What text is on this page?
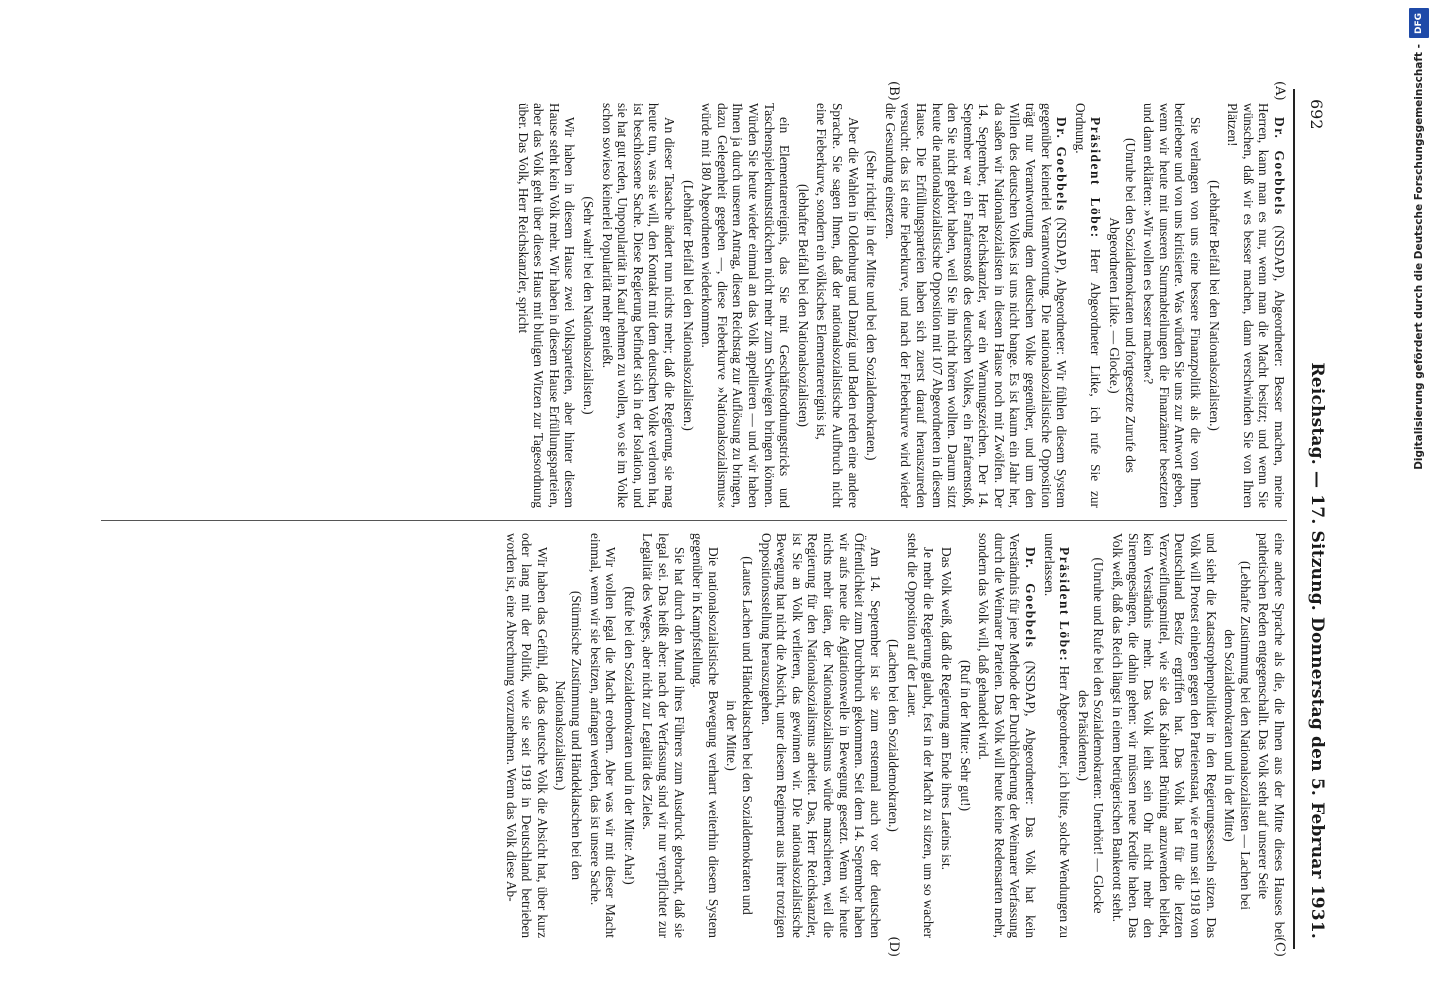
692
Reichstag. — 17. Sitzung. Donnerstag den 5. Februar 1931.
(A)
(B)
(C)
(D)

Dr. Goebbels (NSDAP), Abgeordneter: Besser machen, meine Herren, kann man es nur, wenn man die Macht besitzt; und wenn Sie wünschen, daß wir es besser machen, dann verschwinden Sie von Ihren Plätzen!

(Lebhafter Beifall bei den Nationalsozialisten.)

Sie verlangen von uns eine bessere Finanzpolitik als die von Ihnen betriebene und von uns kritisierte. Was würden Sie uns zur Antwort geben, wenn wir heute mit unseren Sturmabteilungen die Finanzämter besetzten und dann erklärten: »Wir wollen es besser machen«?

(Unruhe bei den Sozialdemokraten und fortgesetzte Zurufe des Abgeordneten Litke. — Glocke.)

Präsident Löbe: Herr Abgeordneter Litke, ich rufe Sie zur Ordnung.

Dr. Goebbels (NSDAP), Abgeordneter: Wir fühlen diesem System gegenüber keinerlei Verantwortung. Die nationalsozialistische Opposition trägt nur Verantwortung dem deutschen Volke gegenüber, und um den Willen des deutschen Volkes ist uns nicht bange. Es ist kaum ein Jahr her, da saßen wir Nationalsozialisten in diesem Hause noch mit Zwölfen. Der 14. September, Herr Reichskanzler, war ein Warnungszeichen. Der 14. September war ein Fanfarenstoß des deutschen Volkes, ein Fanfarenstoß, den Sie nicht gehört haben, weil Sie ihn nicht hören wollten. Darum sitzt heute die nationalsozialistische Opposition mit 107 Abgeordneten in diesem Hause. Die Erfüllungsparteien haben sich zuerst darauf herauszureden versucht: das ist eine Fieberkurve, und nach der Fieberkurve wird wieder die Gesundung einsetzen.

(Sehr richtig! in der Mitte und bei den Sozialdemokraten.)

Aber die Wahlen in Oldenburg und Danzig und Baden reden eine andere Sprache. Sie sagen Ihnen, daß der nationalsozialistische Aufbruch nicht eine Fieberkurve, sondern ein völkisches Elementarereignis ist,

(lebhafter Beifall bei den Nationalsozialisten)

ein Elementarereignis, das Sie mit Geschäftsordnungstricks und Taschenspielerkunststückchen nicht mehr zum Schweigen bringen können. Würden Sie heute wieder einmal an das Volk appellieren — und wir haben Ihnen ja durch unseren Antrag, diesen Reichstag zur Auflösung zu bringen, dazu Gelegenheit gegeben —, diese Fieberkurve »Nationalsozialismus« würde mit 180 Abgeordneten wiederkommen.

(Lebhafter Beifall bei den Nationalsozialisten.)

An dieser Tatsache ändert nun nichts mehr; daß die Regierung, sie mag heute tun, was sie will, den Kontakt mit dem deutschen Volke verloren hat, ist beschlossene Sache. Diese Regierung befindet sich in der Isolation, und sie hat gut reden, Unpopularität in Kauf nehmen zu wollen, wo sie im Volke schon sowieso keinerlei Popularität mehr genießt.

(Sehr wahr! bei den Nationalsozialisten.)

Wir haben in diesem Hause zwei Volksparteien, aber hinter diesem Hause steht kein Volk mehr. Wir haben in diesem Hause Erfüllungsparteien, aber das Volk geht über dieses Haus mit blutigen Witzen zur Tagesordnung über. Das Volk, Herr Reichskanzler, spricht

eine andere Sprache als die, die Ihnen aus der Mitte dieses Hauses bei pathetischen Reden entgegenschallt. Das Volk steht auf unserer Seite

(Lebhafte Zustimmung bei den Nationalsozialisten — Lachen bei den Sozialdemokraten und in der Mitte)

und sieht die Katastrophenpolitiker in den Regierungssesseln sitzen. Das Volk will Protest einlegen gegen den Parteienstaat, wie er nun seit 1918 von Deutschland Besitz ergriffen hat. Das Volk hat für die letzten Verzweiflungsmittel, wie sie das Kabinett Brüning anzuwenden beliebt, kein Verständnis mehr. Das Volk leiht sein Ohr nicht mehr den Sirenengesängen, die dahin gehen: wir müssen neue Kredite haben. Das Volk weiß, daß das Reich längst in einem betrügerischen Bankerott steht.

(Unruhe und Rufe bei den Sozialdemokraten: Unerhört! — Glocke des Präsidenten.)

Präsident Löbe: Herr Abgeordneter, ich bitte, solche Wendungen zu unterlassen.

Dr. Goebbels (NSDAP), Abgeordneter: Das Volk hat kein Verständnis für jene Methode der Durchlöcherung der Weimarer Verfassung durch die Weimarer Parteien. Das Volk will heute keine Redensarten mehr, sondern das Volk will, daß gehandelt wird.

(Ruf in der Mitte: Sehr gut!)

Das Volk weiß, daß die Regierung am Ende ihres Lateins ist.

Je mehr die Regierung glaubt, fest in der Macht zu sitzen, um so wacher steht die Opposition auf der Lauer.

(Lachen bei den Sozialdemokraten.)

Am 14. September ist sie zum erstenmal auch vor der deutschen Öffentlichkeit zum Durchbruch gekommen. Seit dem 14. September haben wir aufs neue die Agitationswelle in Bewegung gesetzt. Wenn wir heute nichts mehr täten, der Nationalsozialismus würde marschieren, weil die Regierung für den Nationalsozialismus arbeitet. Das, Herr Reichskanzler, ist Sie an Volk verlieren, das gewinnen wir. Die nationalsozialistische Bewegung hat nicht die Absicht, unter diesem Regiment aus ihrer trotzigen Oppositionsstellung herauszugehen.

(Lautes Lachen und Händeklatschen bei den Sozialdemokraten und in der Mitte.)

Die nationalsozialistische Bewegung verharrt weiterhin diesem System gegenüber in Kampfstellung.

Sie hat durch den Mund ihres Führers zum Ausdruck gebracht, daß sie legal sei. Das heißt aber: nach der Verfassung sind wir nur verpflichtet zur Legalität des Weges, aber nicht zur Legalität des Zieles.

(Rufe bei den Sozialdemokraten und in der Mitte: Aha!)

Wir wollen legal die Macht erobern. Aber was wir mit dieser Macht einmal, wenn wir sie besitzen, anfangen werden, das ist unsere Sache.

(Stürmische Zustimmung und Händeklatschen bei den Nationalsozialisten.)

Wir haben das Gefühl, daß das deutsche Volk die Absicht hat, über kurz oder lang mit der Politik, wie sie seit 1918 in Deutschland betrieben worden ist, eine Abrechnung vorzunehmen. Wenn das Volk diese Ab-

DFG
Digitalisierung gefördert durch die Deutsche Forschungsgemeinschaft -
